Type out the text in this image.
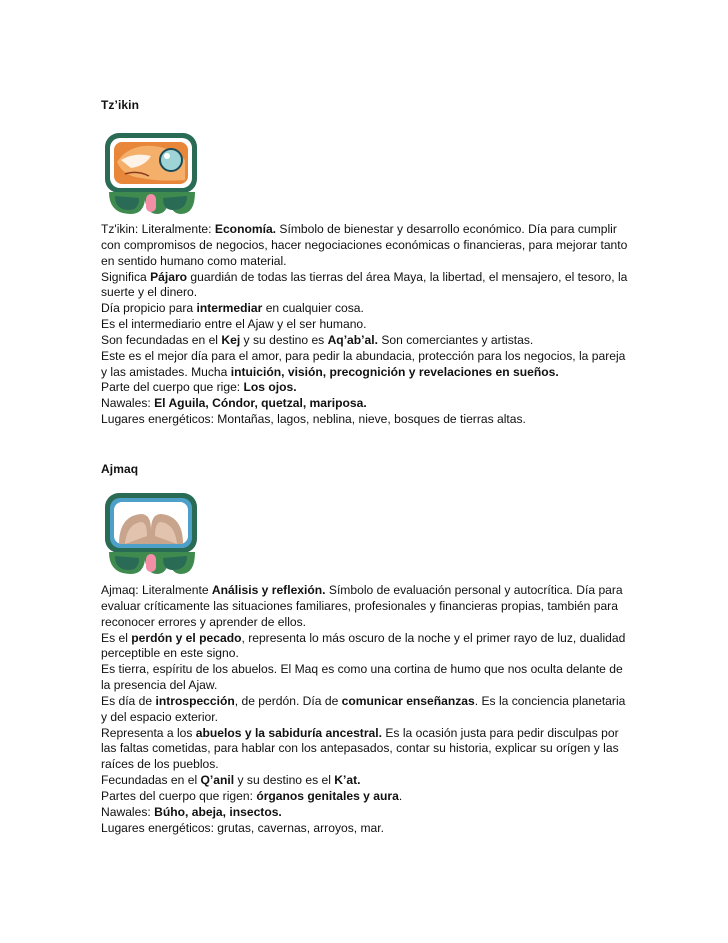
Tz’ikin

Tz'ikin: Literalmente: Economía. Símbolo de bienestar y desarrollo económico. Día para cumplir con compromisos de negocios, hacer negociaciones económicas o financieras, para mejorar tanto en sentido humano como material.

Significa Pájaro guardián de todas las tierras del área Maya, la libertad, el mensajero, el tesoro, la suerte y el dinero.

Día propicio para intermediar en cualquier cosa.

Es el intermediario entre el Ajaw y el ser humano.

Son fecundadas en el Kej y su destino es Aq’ab’al. Son comerciantes y artistas.

Este es el mejor día para el amor, para pedir la abundacia, protección para los negocios, la pareja y las amistades. Mucha intuición, visión, precognición y revelaciones en sueños.

Parte del cuerpo que rige: Los ojos.

Nawales: El Aguila, Cóndor, quetzal, mariposa.

Lugares energéticos: Montañas, lagos, neblina, nieve, bosques de tierras altas.

Ajmaq

Ajmaq: Literalmente Análisis y reflexión. Símbolo de evaluación personal y autocrítica. Día para evaluar críticamente las situaciones familiares, profesionales y financieras propias, también para reconocer errores y aprender de ellos.

Es el perdón y el pecado, representa lo más oscuro de la noche y el primer rayo de luz, dualidad perceptible en este signo.

Es tierra, espíritu de los abuelos. El Maq es como una cortina de humo que nos oculta delante de la presencia del Ajaw.

Es día de introspección, de perdón. Día de comunicar enseñanzas. Es la conciencia planetaria y del espacio exterior.

Representa a los abuelos y la sabiduría ancestral. Es la ocasión justa para pedir disculpas por las faltas cometidas, para hablar con los antepasados, contar su historia, explicar su orígen y las raíces de los pueblos.

Fecundadas en el Q’anil y su destino es el K’at.

Partes del cuerpo que rigen: órganos genitales y aura.

Nawales: Búho, abeja, insectos.

Lugares energéticos: grutas, cavernas, arroyos, mar.
